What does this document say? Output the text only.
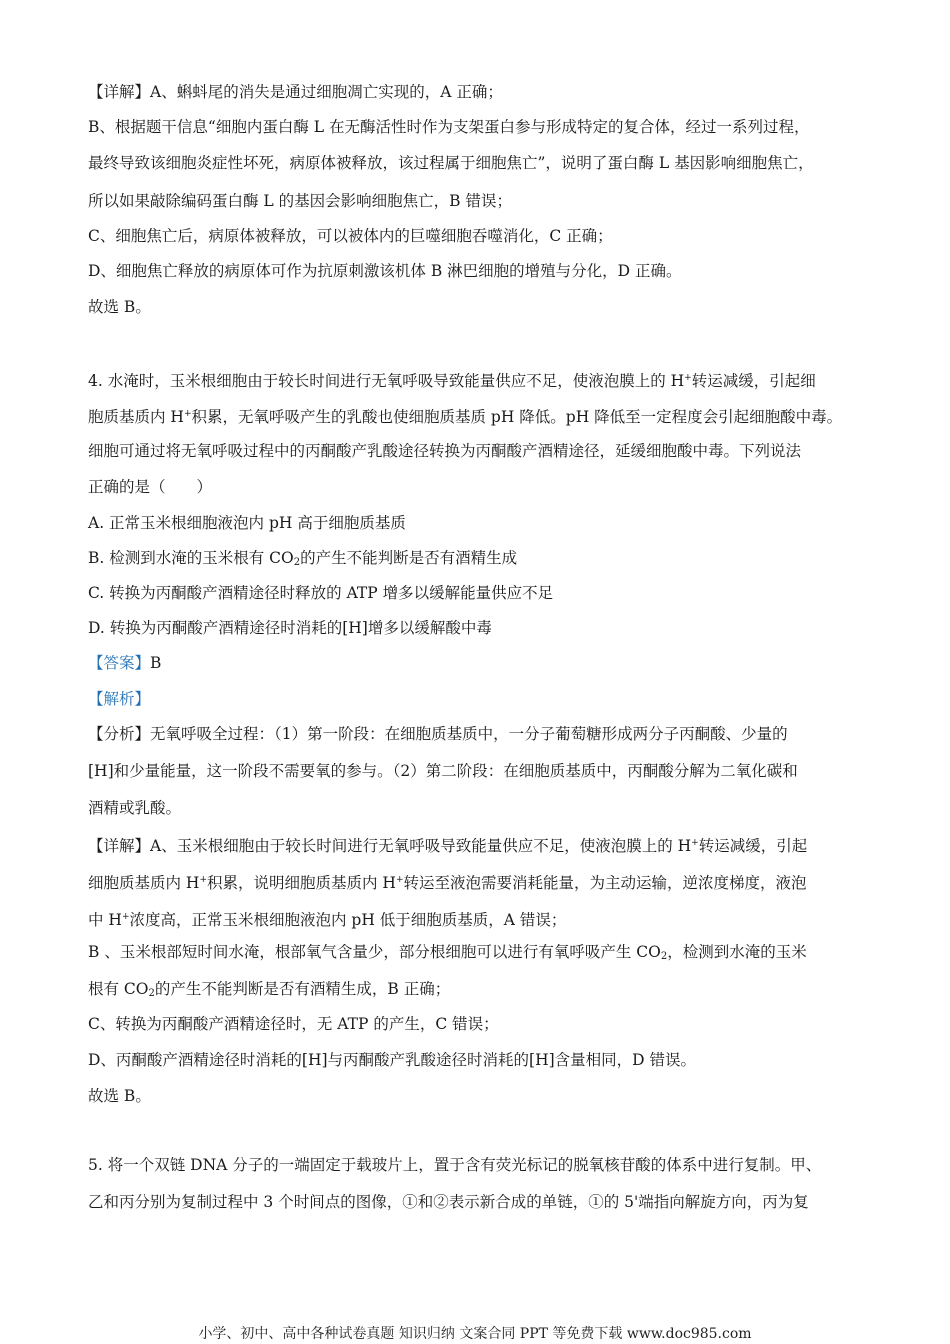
【详解】A、蝌蚪尾的消失是通过细胞凋亡实现的，A 正确；
B、根据题干信息“细胞内蛋白酶 L 在无酶活性时作为支架蛋白参与形成特定的复合体，经过一系列过程，
最终导致该细胞炎症性坏死，病原体被释放，该过程属于细胞焦亡”，说明了蛋白酶 L 基因影响细胞焦亡，
所以如果敲除编码蛋白酶 L 的基因会影响细胞焦亡，B 错误；
C、细胞焦亡后，病原体被释放，可以被体内的巨噬细胞吞噬消化，C 正确；
D、细胞焦亡释放的病原体可作为抗原刺激该机体 B 淋巴细胞的增殖与分化，D 正确。
故选 B。
4. 水淹时，玉米根细胞由于较长时间进行无氧呼吸导致能量供应不足，使液泡膜上的 H+转运减缓，引起细
胞质基质内 H+积累，无氧呼吸产生的乳酸也使细胞质基质 pH 降低。pH 降低至一定程度会引起细胞酸中毒。
细胞可通过将无氧呼吸过程中的丙酮酸产乳酸途径转换为丙酮酸产酒精途径，延缓细胞酸中毒。下列说法
正确的是（　　）
A. 正常玉米根细胞液泡内 pH 高于细胞质基质
B. 检测到水淹的玉米根有 $CO_2$的产生不能判断是否有酒精生成
C. 转换为丙酮酸产酒精途径时释放的 ATP 增多以缓解能量供应不足
D. 转换为丙酮酸产酒精途径时消耗的[H]增多以缓解酸中毒
【答案】B
【解析】
【分析】无氧呼吸全过程：（1）第一阶段：在细胞质基质中，一分子葡萄糖形成两分子丙酮酸、少量的
[H]和少量能量，这一阶段不需要氧的参与。（2）第二阶段：在细胞质基质中，丙酮酸分解为二氧化碳和
酒精或乳酸。
【详解】A、玉米根细胞由于较长时间进行无氧呼吸导致能量供应不足，使液泡膜上的 H+转运减缓，引起
细胞质基质内 H+积累，说明细胞质基质内 H+转运至液泡需要消耗能量，为主动运输，逆浓度梯度，液泡
中 H+浓度高，正常玉米根细胞液泡内 pH 低于细胞质基质，A 错误；
B 、玉米根部短时间水淹，根部氧气含量少，部分根细胞可以进行有氧呼吸产生 $CO_2$，检测到水淹的玉米
根有 $CO_2$的产生不能判断是否有酒精生成，B 正确；
C、转换为丙酮酸产酒精途径时，无 ATP 的产生，C 错误；
D、丙酮酸产酒精途径时消耗的[H]与丙酮酸产乳酸途径时消耗的[H]含量相同，D 错误。
故选 B。
5. 将一个双链 DNA 分子的一端固定于载玻片上，置于含有荧光标记的脱氧核苷酸的体系中进行复制。甲、
乙和丙分别为复制过程中 3 个时间点的图像，①和②表示新合成的单链，①的 5'端指向解旋方向，丙为复
小学、初中、高中各种试卷真题 知识归纳 文案合同 PPT 等免费下载 www.doc985.com
